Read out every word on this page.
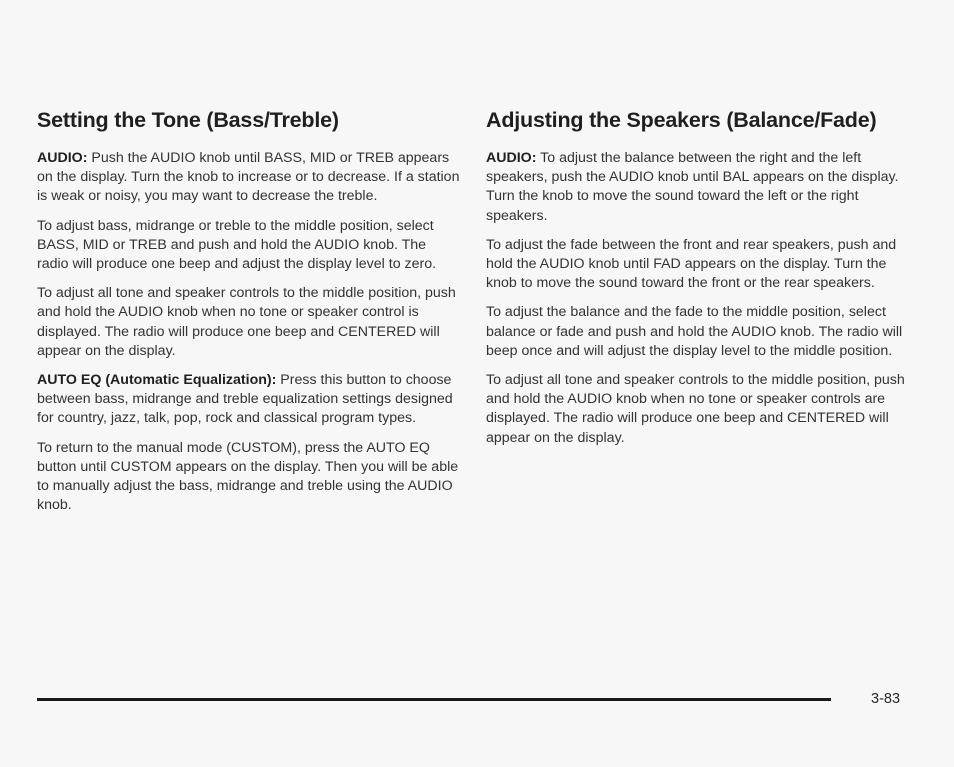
Setting the Tone (Bass/Treble)

AUDIO: Push the AUDIO knob until BASS, MID or TREB appears on the display. Turn the knob to increase or to decrease. If a station is weak or noisy, you may want to decrease the treble.

To adjust bass, midrange or treble to the middle position, select BASS, MID or TREB and push and hold the AUDIO knob. The radio will produce one beep and adjust the display level to zero.

To adjust all tone and speaker controls to the middle position, push and hold the AUDIO knob when no tone or speaker control is displayed. The radio will produce one beep and CENTERED will appear on the display.

AUTO EQ (Automatic Equalization): Press this button to choose between bass, midrange and treble equalization settings designed for country, jazz, talk, pop, rock and classical program types.

To return to the manual mode (CUSTOM), press the AUTO EQ button until CUSTOM appears on the display. Then you will be able to manually adjust the bass, midrange and treble using the AUDIO knob.

Adjusting the Speakers (Balance/Fade)

AUDIO: To adjust the balance between the right and the left speakers, push the AUDIO knob until BAL appears on the display. Turn the knob to move the sound toward the left or the right speakers.

To adjust the fade between the front and rear speakers, push and hold the AUDIO knob until FAD appears on the display. Turn the knob to move the sound toward the front or the rear speakers.

To adjust the balance and the fade to the middle position, select balance or fade and push and hold the AUDIO knob. The radio will beep once and will adjust the display level to the middle position.

To adjust all tone and speaker controls to the middle position, push and hold the AUDIO knob when no tone or speaker controls are displayed. The radio will produce one beep and CENTERED will appear on the display.

3-83
